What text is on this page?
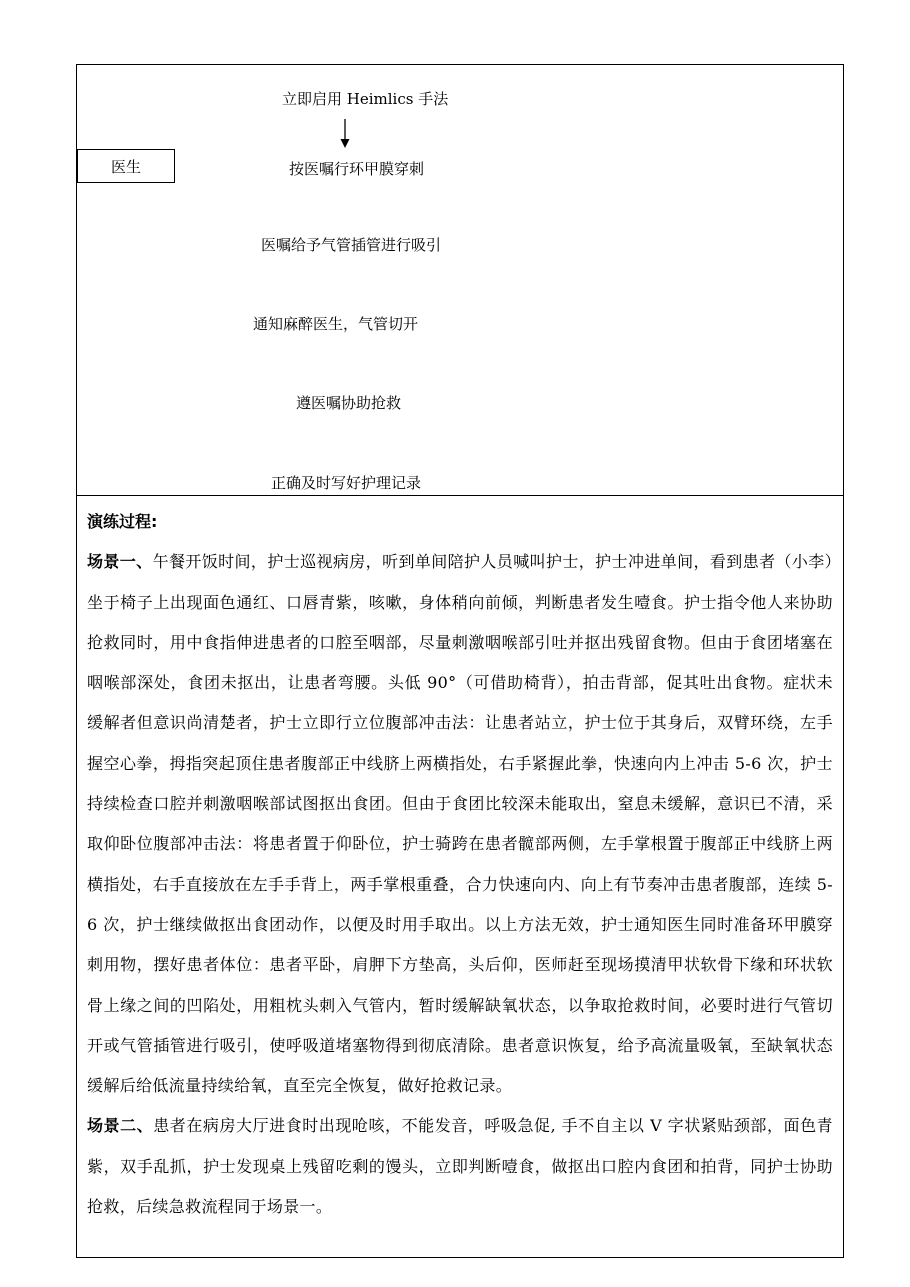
立即启用 Heimlics 手法
医生	按医嘱行环甲膜穿刺
医嘱给予气管插管进行吸引
通知麻醉医生，气管切开
遵医嘱协助抢救
正确及时写好护理记录
演练过程:

场景一、午餐开饭时间，护士巡视病房，听到单间陪护人员喊叫护士，护士冲进单间，看到患者（小李）坐于椅子上出现面色通红、口唇青紫，咳嗽，身体稍向前倾，判断患者发生噎食。护士指令他人来协助抢救同时，用中食指伸进患者的口腔至咽部，尽量刺激咽喉部引吐并抠出残留食物。但由于食团堵塞在咽喉部深处，食团未抠出，让患者弯腰。头低 90°（可借助椅背），拍击背部，促其吐出食物。症状未缓解者但意识尚清楚者，护士立即行立位腹部冲击法：让患者站立，护士位于其身后，双臂环绕，左手握空心拳，拇指突起顶住患者腹部正中线脐上两横指处，右手紧握此拳，快速向内上冲击 5-6 次，护士持续检查口腔并刺激咽喉部试图抠出食团。但由于食团比较深未能取出，窒息未缓解，意识已不清，采取仰卧位腹部冲击法：将患者置于仰卧位，护士骑跨在患者髋部两侧，左手掌根置于腹部正中线脐上两横指处，右手直接放在左手手背上，两手掌根重叠，合力快速向内、向上有节奏冲击患者腹部，连续 5-6 次，护士继续做抠出食团动作，以便及时用手取出。以上方法无效，护士通知医生同时准备环甲膜穿刺用物，摆好患者体位：患者平卧，肩胛下方垫高，头后仰，医师赶至现场摸清甲状软骨下缘和环状软骨上缘之间的凹陷处，用粗枕头刺入气管内，暂时缓解缺氧状态，以争取抢救时间，必要时进行气管切开或气管插管进行吸引，使呼吸道堵塞物得到彻底清除。患者意识恢复，给予高流量吸氧，至缺氧状态缓解后给低流量持续给氧，直至完全恢复，做好抢救记录。

场景二、患者在病房大厅进食时出现呛咳，不能发音，呼吸急促, 手不自主以 V 字状紧贴颈部，面色青紫，双手乱抓，护士发现桌上残留吃剩的馒头，立即判断噎食，做抠出口腔内食团和拍背，同护士协助抢救，后续急救流程同于场景一。
